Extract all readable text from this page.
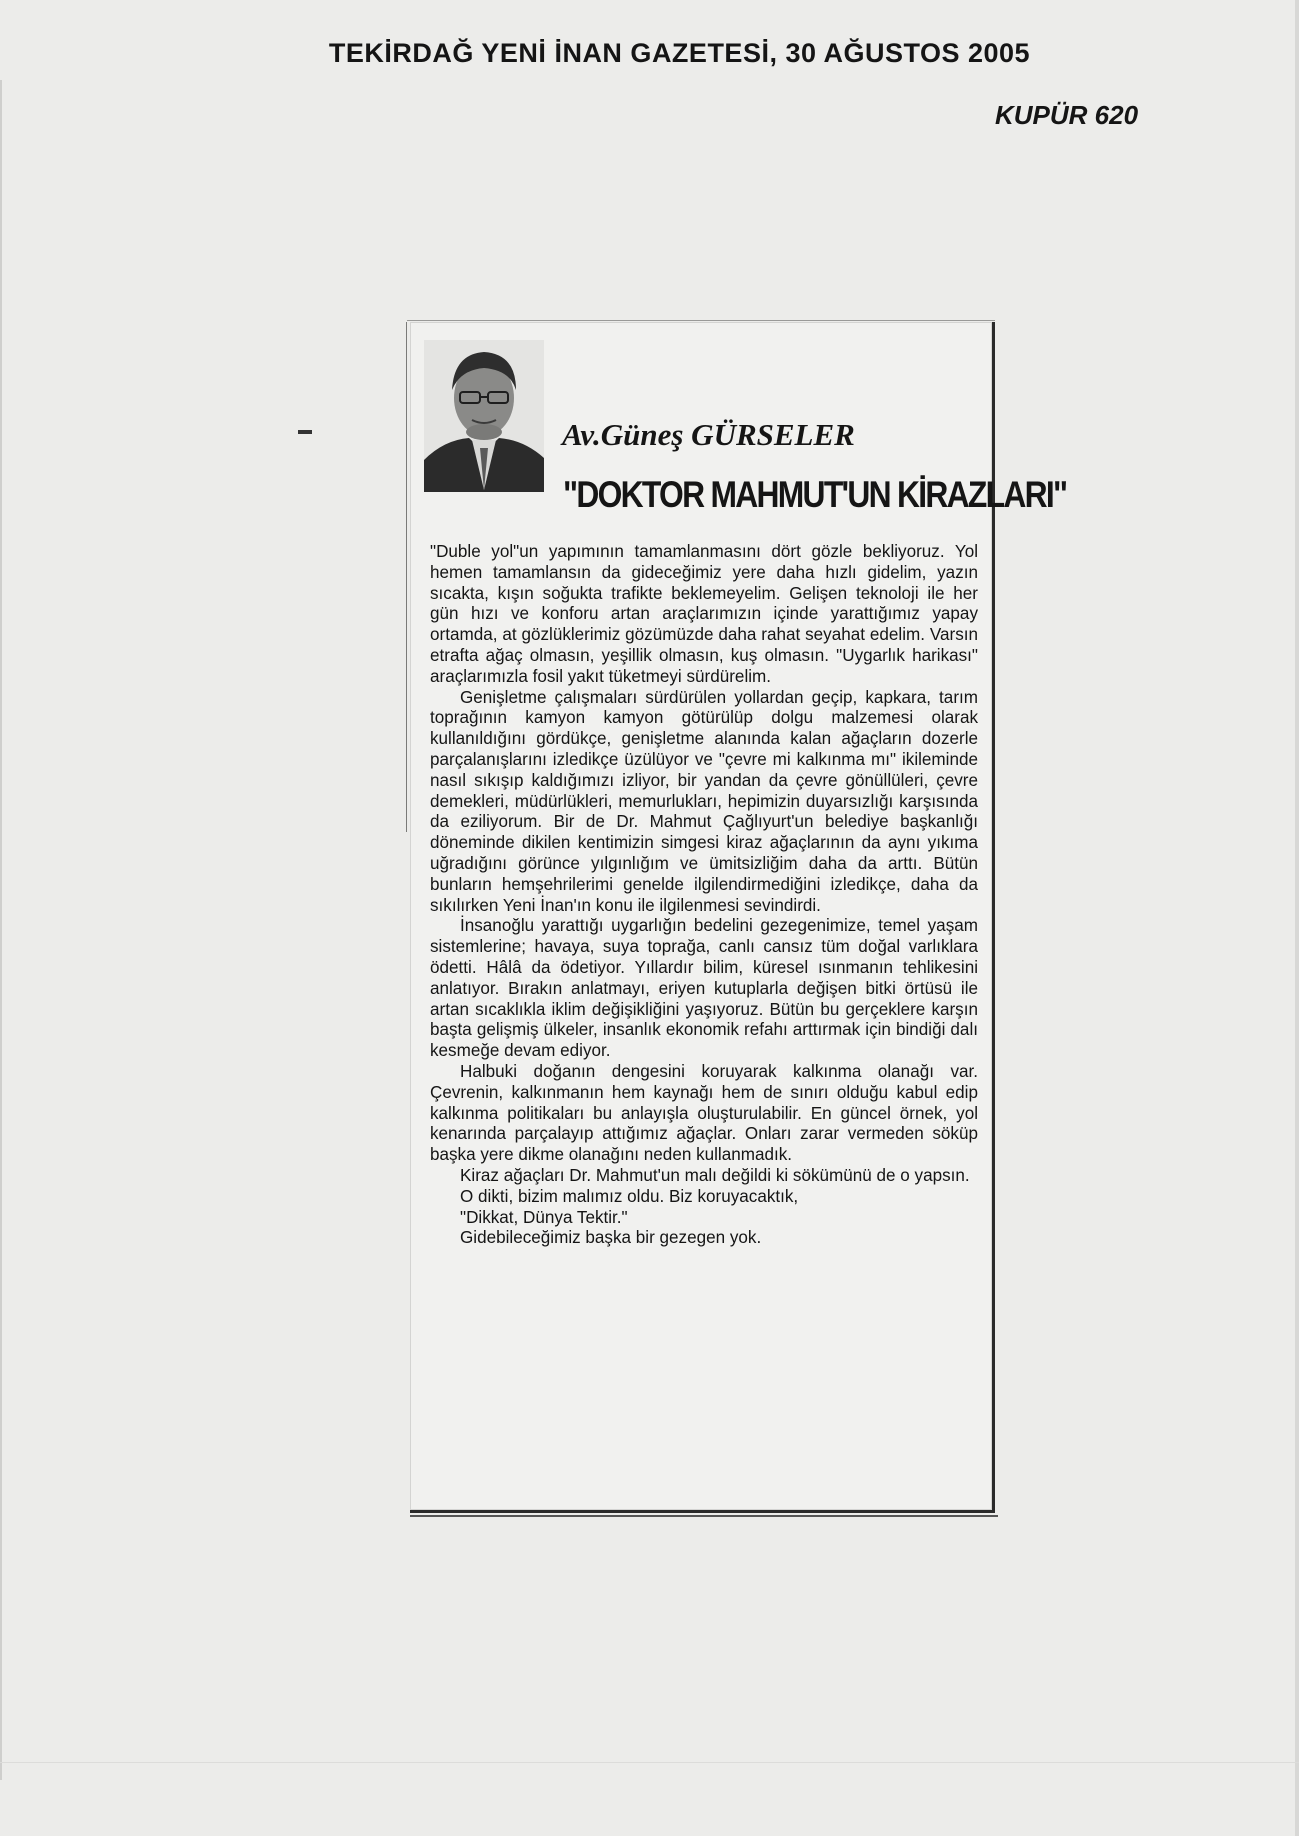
TEKİRDAĞ YENİ İNAN GAZETESİ, 30 AĞUSTOS 2005
KUPÜR 620
Av.Güneş GÜRSELER
"DOKTOR MAHMUT'UN KİRAZLARI"

"Duble yol"un yapımının tamamlanmasını dört gözle bekliyoruz. Yol hemen tamamlansın da gideceğimiz yere daha hızlı gidelim, yazın sıcakta, kışın soğukta trafikte beklemeyelim. Gelişen teknoloji ile her gün hızı ve konforu artan araçlarımızın içinde yarattığımız yapay ortamda, at gözlüklerimiz gözümüzde daha rahat seyahat edelim. Varsın etrafta ağaç olmasın, yeşillik olmasın, kuş olmasın. "Uygarlık harikası" araçlarımızla fosil yakıt tüketmeyi sürdürelim.

Genişletme çalışmaları sürdürülen yollardan geçip, kapkara, tarım toprağının kamyon kamyon götürülüp dolgu malzemesi olarak kullanıldığını gördükçe, genişletme alanında kalan ağaçların dozerle parçalanışlarını izledikçe üzülüyor ve "çevre mi kalkınma mı" ikileminde nasıl sıkışıp kaldığımızı izliyor, bir yandan da çevre gönüllüleri, çevre demekleri, müdürlükleri, memurlukları, hepimizin duyarsızlığı karşısında da eziliyorum. Bir de Dr. Mahmut Çağlıyurt'un belediye başkanlığı döneminde dikilen kentimizin simgesi kiraz ağaçlarının da aynı yıkıma uğradığını görünce yılgınlığım ve ümitsizliğim daha da arttı. Bütün bunların hemşehrilerimi genelde ilgilendirmediğini izledikçe, daha da sıkılırken Yeni İnan'ın konu ile ilgilenmesi sevindirdi.

İnsanoğlu yarattığı uygarlığın bedelini gezegenimize, temel yaşam sistemlerine; havaya, suya toprağa, canlı cansız tüm doğal varlıklara ödetti. Hâlâ da ödetiyor. Yıllardır bilim, küresel ısınmanın tehlikesini anlatıyor. Bırakın anlatmayı, eriyen kutuplarla değişen bitki örtüsü ile artan sıcaklıkla iklim değişikliğini yaşıyoruz. Bütün bu gerçeklere karşın başta gelişmiş ülkeler, insanlık ekonomik refahı arttırmak için bindiği dalı kesmeğe devam ediyor.

Halbuki doğanın dengesini koruyarak kalkınma olanağı var. Çevrenin, kalkınmanın hem kaynağı hem de sınırı olduğu kabul edip kalkınma politikaları bu anlayışla oluşturulabilir. En güncel örnek, yol kenarında parçalayıp attığımız ağaçlar. Onları zarar vermeden söküp başka yere dikme olanağını neden kullanmadık.

Kiraz ağaçları Dr. Mahmut'un malı değildi ki sökümünü de o yapsın.

O dikti, bizim malımız oldu. Biz koruyacaktık,

"Dikkat, Dünya Tektir."

Gidebileceğimiz başka bir gezegen yok.
